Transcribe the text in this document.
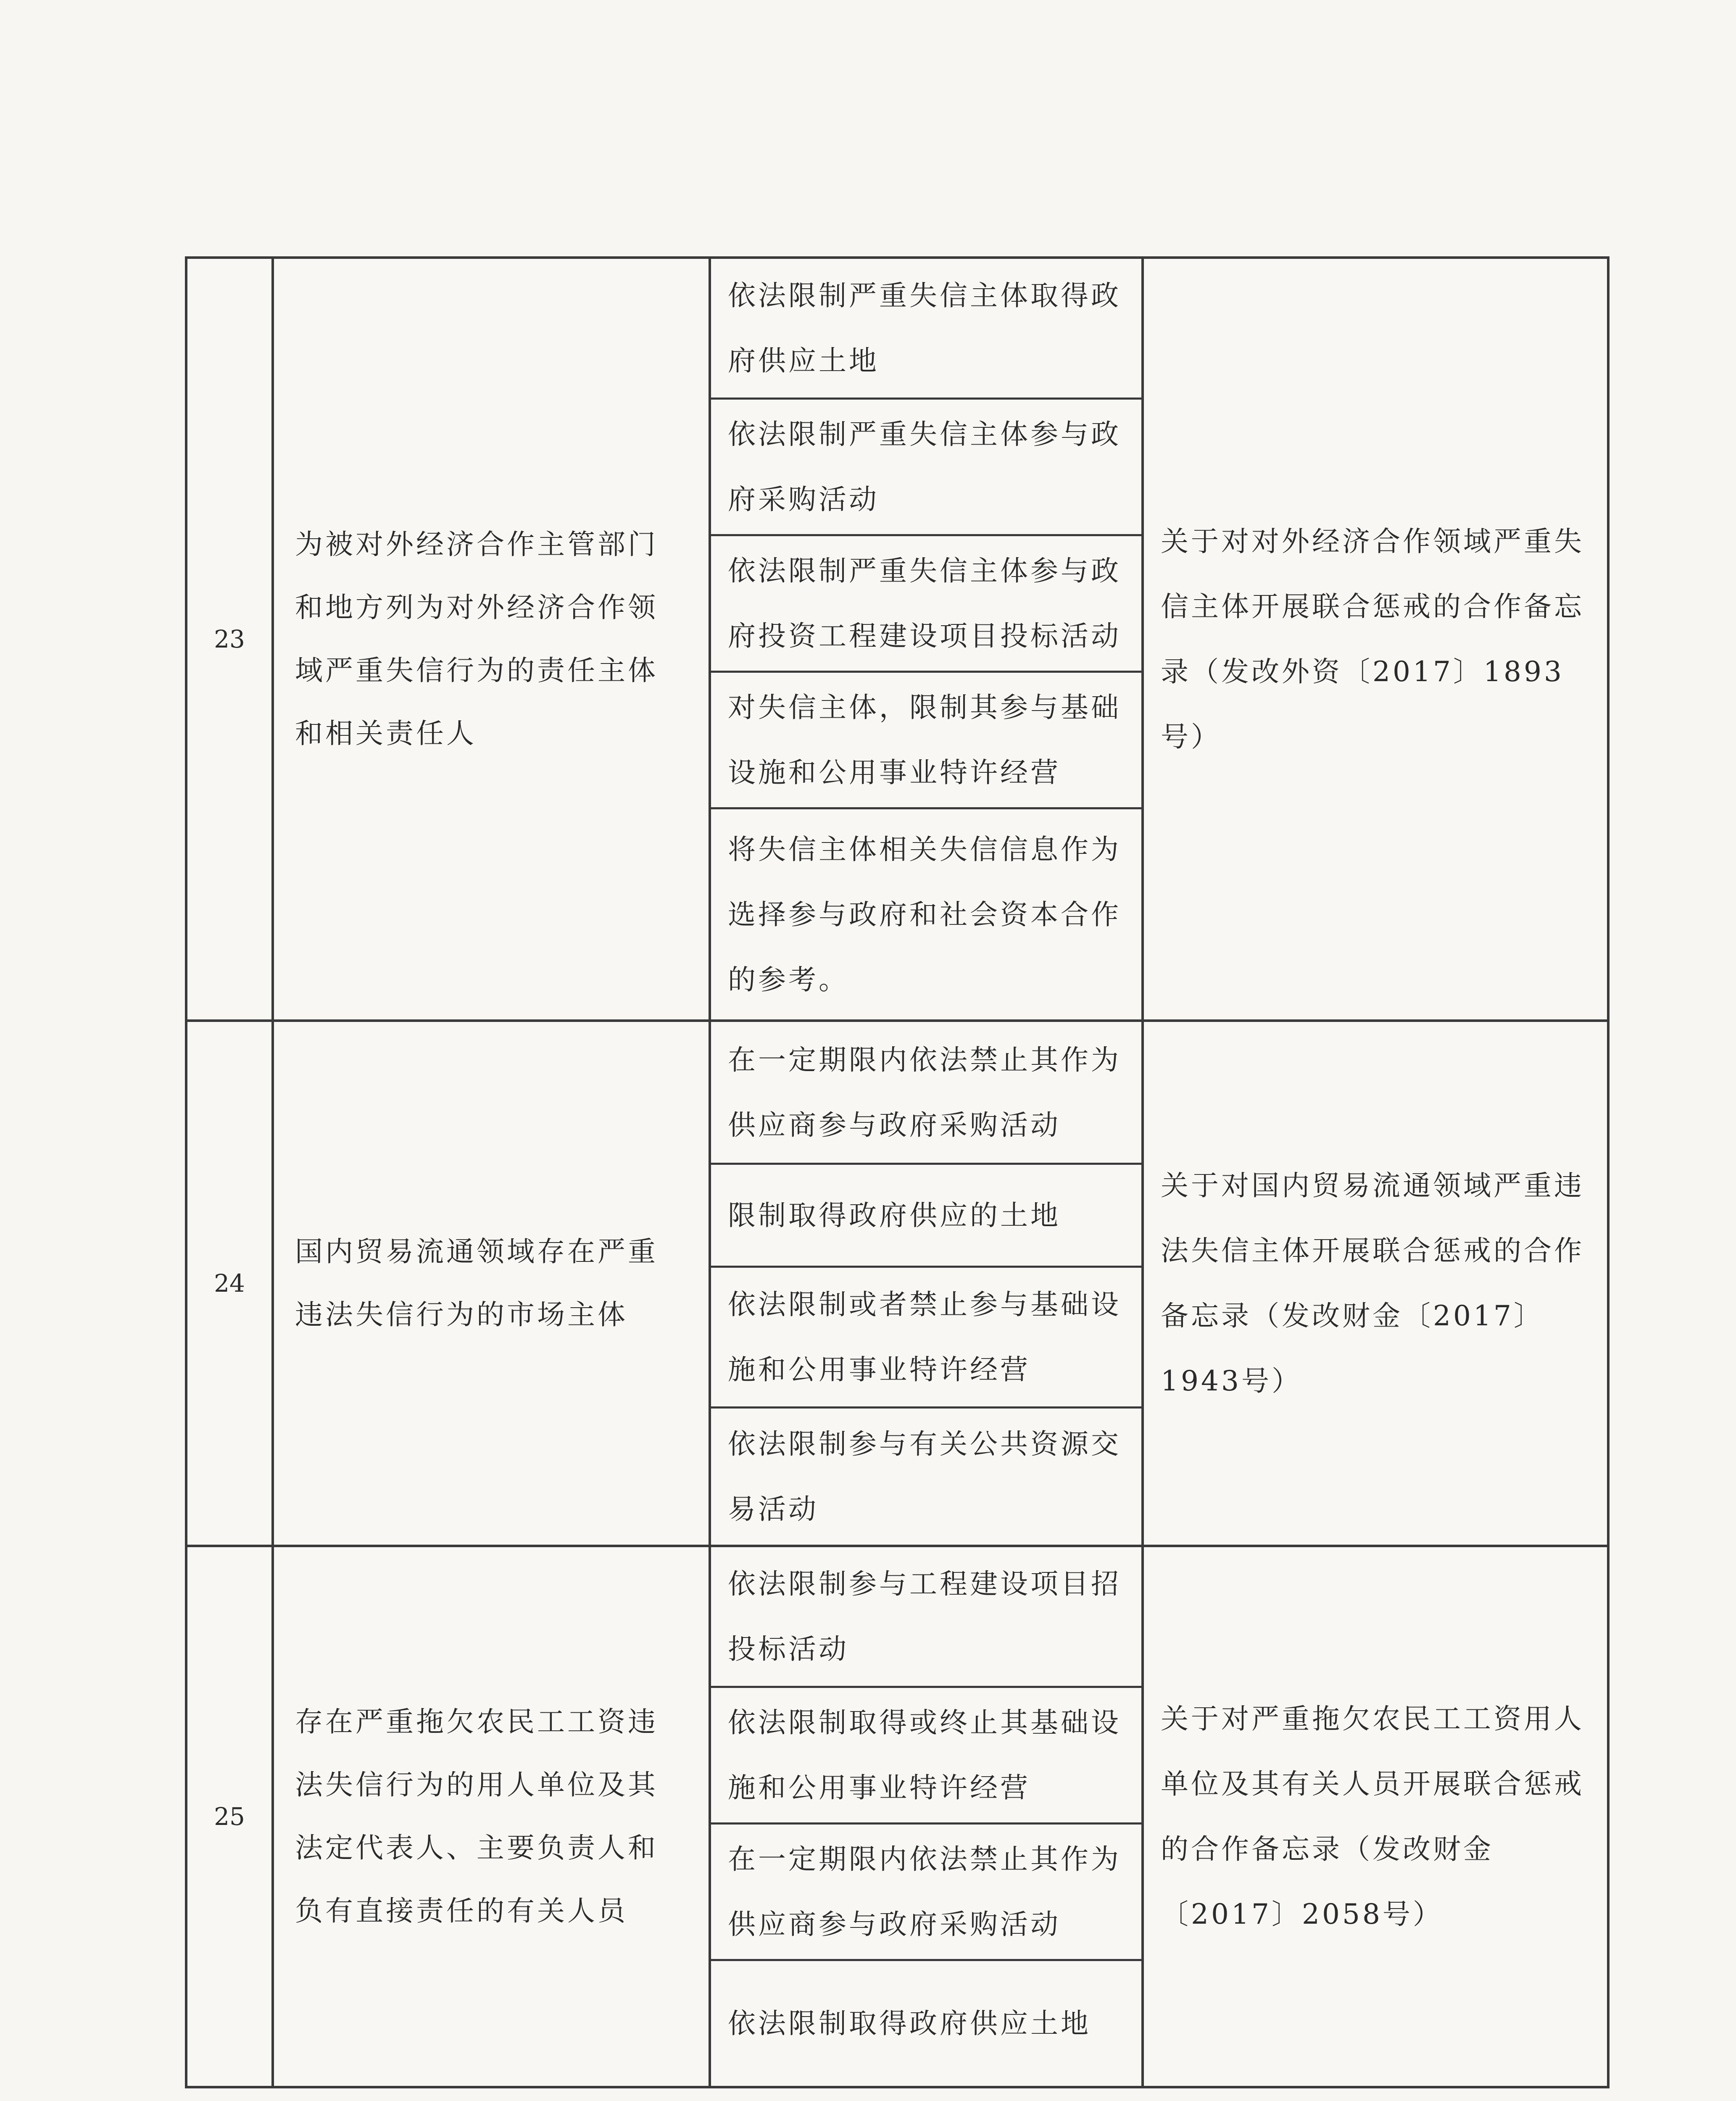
23
为被对外经济合作主管部门和地方列为对外经济合作领域严重失信行为的责任主体和相关责任人
依法限制严重失信主体取得政府供应土地
依法限制严重失信主体参与政府采购活动
依法限制严重失信主体参与政府投资工程建设项目投标活动
对失信主体，限制其参与基础设施和公用事业特许经营
将失信主体相关失信信息作为选择参与政府和社会资本合作的参考。
关于对对外经济合作领域严重失信主体开展联合惩戒的合作备忘录（发改外资〔2017〕1893号）
24
国内贸易流通领域存在严重违法失信行为的市场主体
在一定期限内依法禁止其作为供应商参与政府采购活动
限制取得政府供应的土地
依法限制或者禁止参与基础设施和公用事业特许经营
依法限制参与有关公共资源交易活动
关于对国内贸易流通领域严重违法失信主体开展联合惩戒的合作备忘录（发改财金〔2017〕1943号）
25
存在严重拖欠农民工工资违法失信行为的用人单位及其法定代表人、主要负责人和负有直接责任的有关人员
依法限制参与工程建设项目招投标活动
依法限制取得或终止其基础设施和公用事业特许经营
在一定期限内依法禁止其作为供应商参与政府采购活动
依法限制取得政府供应土地
关于对严重拖欠农民工工资用人单位及其有关人员开展联合惩戒的合作备忘录（发改财金〔2017〕2058号）
